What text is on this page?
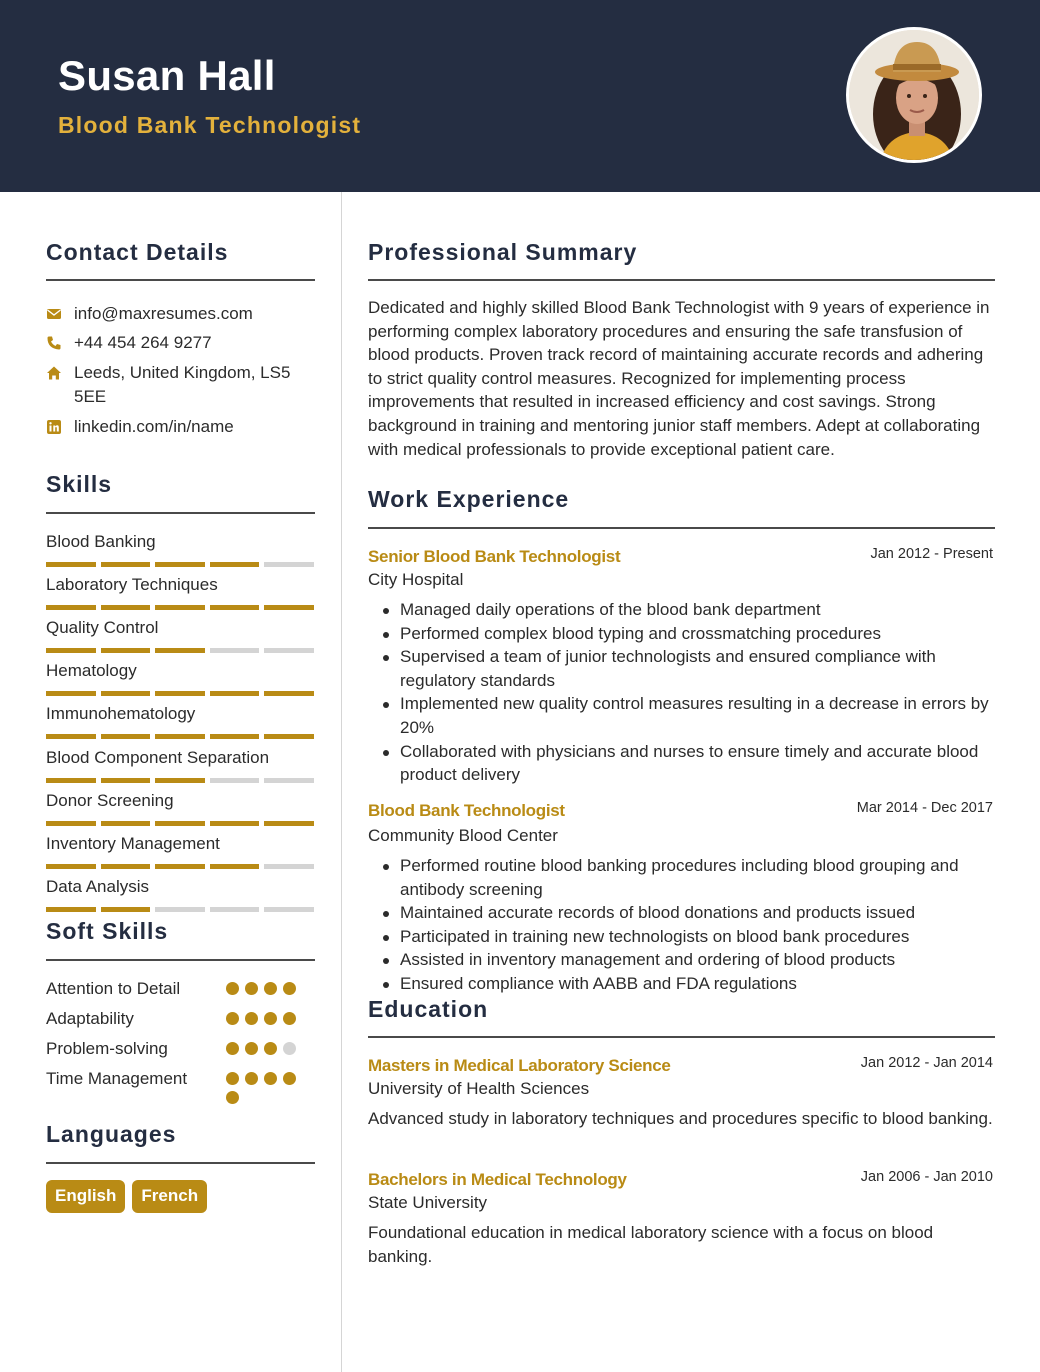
Susan Hall
Blood Bank Technologist
Contact Details
info@maxresumes.com
+44 454 264 9277
Leeds, United Kingdom, LS5 5EE
linkedin.com/in/name
Skills
Blood Banking
Laboratory Techniques
Quality Control
Hematology
Immunohematology
Blood Component Separation
Donor Screening
Inventory Management
Data Analysis
Soft Skills
Attention to Detail
Adaptability
Problem-solving
Time Management
Languages
English	French
Professional Summary
Dedicated and highly skilled Blood Bank Technologist with 9 years of experience in performing complex laboratory procedures and ensuring the safe transfusion of blood products. Proven track record of maintaining accurate records and adhering to strict quality control measures. Recognized for implementing process improvements that resulted in increased efficiency and cost savings. Strong background in training and mentoring junior staff members. Adept at collaborating with medical professionals to provide exceptional patient care.
Work Experience
Senior Blood Bank Technologist	Jan 2012 - Present
City Hospital
Managed daily operations of the blood bank department
Performed complex blood typing and crossmatching procedures
Supervised a team of junior technologists and ensured compliance with regulatory standards
Implemented new quality control measures resulting in a decrease in errors by 20%
Collaborated with physicians and nurses to ensure timely and accurate blood product delivery
Blood Bank Technologist	Mar 2014 - Dec 2017
Community Blood Center
Performed routine blood banking procedures including blood grouping and antibody screening
Maintained accurate records of blood donations and products issued
Participated in training new technologists on blood bank procedures
Assisted in inventory management and ordering of blood products
Ensured compliance with AABB and FDA regulations
Education
Masters in Medical Laboratory Science	Jan 2012 - Jan 2014
University of Health Sciences
Advanced study in laboratory techniques and procedures specific to blood banking.
Bachelors in Medical Technology	Jan 2006 - Jan 2010
State University
Foundational education in medical laboratory science with a focus on blood banking.
